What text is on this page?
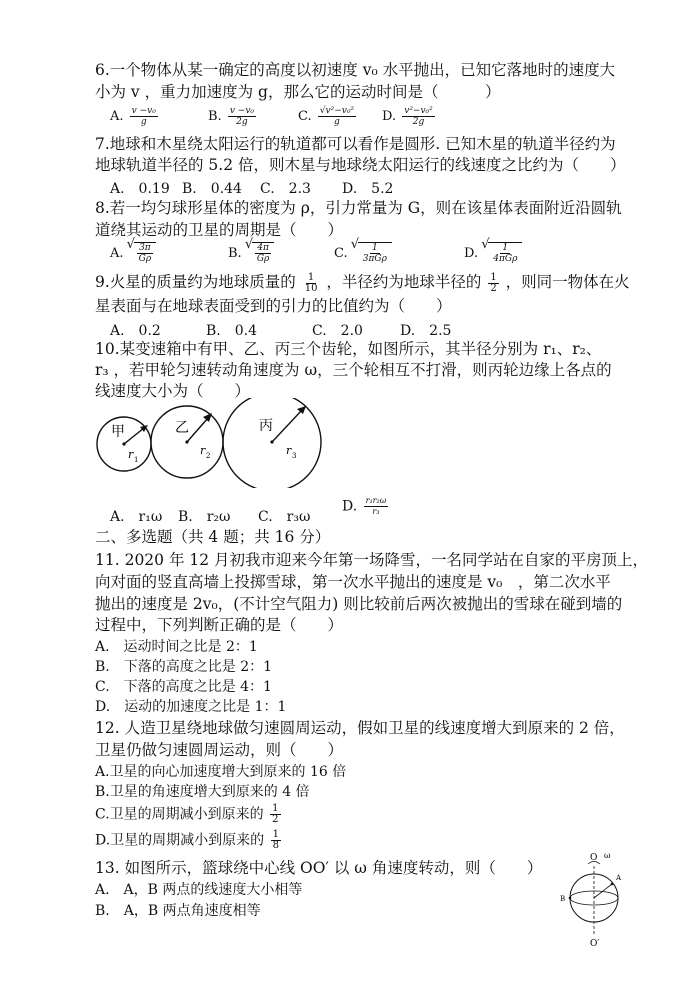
6.一个物体从某一确定的高度以初速度 v₀ 水平抛出，已知它落地时的速度大
小为 v ，重力加速度为 g，那么它的运动时间是（　　　）
A. $\frac{\text{v −v₀}}{g}$	B. $\frac{\text{v −v₀}}{2g}$	C. $\frac{\text{√v²−v₀²}}{g} D$. $\frac{\text{v²−v₀²}}{2g}$
7.地球和木星绕太阳运行的轨道都可以看作是圆形. 已知木星的轨道半径约为
地球轨道半径的 5.2 倍，则木星与地球绕太阳运行的线速度之比约为（　　）
A.　0.19 B.　0.44 C.　2.3 D.　5.2
8.若一均匀球形星体的密度为 ρ，引力常量为 G，则在该星体表面附近沿圆轨
道绕其运动的卫星的周期是（　　）
A. √ $\frac{3\pi}{G\rho}$	B. √ $\frac{4\pi}{G\rho}$	C. √ $\frac{1}{\text{3πGρ}}$	D. √ $\frac{1}{\text{4πGρ}}$
9.火星的质量约为地球质量的 $\frac{1}{10}$ ，半径约为地球半径的 $\frac{1}{2}$ ，则同一物体在火
星表面与在地球表面受到的引力的比值约为（　　）
A.　0.2	B.　0.4	C.　2.0	D.　2.5
10.某变速箱中有甲、乙、丙三个齿轮，如图所示，其半径分别为 r₁、r₂、
r₃ ，若甲轮匀速转动角速度为 ω，三个轮相互不打滑，则丙轮边缘上各点的
线速度大小为（　　）
甲	乙	丙
r 1
r 2	r 3
A.　r₁ω B.　r₂ω C.　r₃ω
D. $\frac{\text{r₁r₂ω}}{\text{r₃}}$
二、多选题（共 4 题；共 16 分）
11. 2020 年 12 月初我市迎来今年第一场降雪，一名同学站在自家的平房顶上，
向对面的竖直高墙上投掷雪球，第一次水平抛出的速度是 v₀　，第二次水平
抛出的速度是 2v₀，(不计空气阻力) 则比较前后两次被抛出的雪球在碰到墙的
过程中，下列判断正确的是（　　）
A.　运动时间之比是 2：1
B.　下落的高度之比是 2：1
C.　下落的高度之比是 4：1
D.　运动的加速度之比是 1：1
12. 人造卫星绕地球做匀速圆周运动，假如卫星的线速度增大到原来的 2 倍，
卫星仍做匀速圆周运动，则（　　）
A.卫星的向心加速度增大到原来的 16 倍
B.卫星的角速度增大到原来的 4 倍
C.卫星的周期减小到原来的 $\frac{1}{2}$
D.卫星的周期减小到原来的 $\frac{1}{8}$
13. 如图所示，篮球绕中心线 OO′ 以 ω 角速度转动，则（　　）
A.　A，B 两点的线速度大小相等
B.　A，B 两点角速度相等
O ω
A
B
O′
